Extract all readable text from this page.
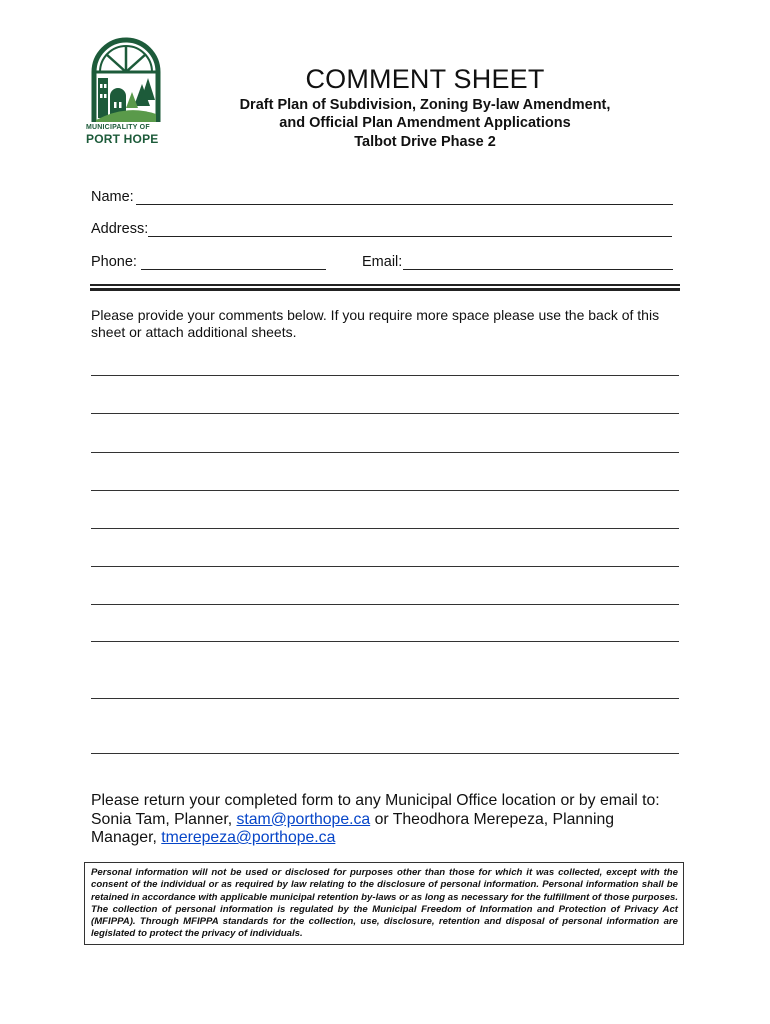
MUNICIPALITY OF
PORT HOPE
COMMENT SHEET
Draft Plan of Subdivision, Zoning By-law Amendment,
and Official Plan Amendment Applications
Talbot Drive Phase 2
Name:
Address:
Phone:	Email:
Please provide your comments below. If you require more space please use the back of this sheet or attach additional sheets.
Please return your completed form to any Municipal Office location or by email to: Sonia Tam, Planner, stam@porthope.ca or Theodhora Merepeza, Planning Manager, tmerepeza@porthope.ca
Personal information will not be used or disclosed for purposes other than those for which it was collected, except with the consent of the individual or as required by law relating to the disclosure of personal information. Personal information shall be retained in accordance with applicable municipal retention by-laws or as long as necessary for the fulfillment of those purposes. The collection of personal information is regulated by the Municipal Freedom of Information and Protection of Privacy Act (MFIPPA). Through MFIPPA standards for the collection, use, disclosure, retention and disposal of personal information are legislated to protect the privacy of individuals.
